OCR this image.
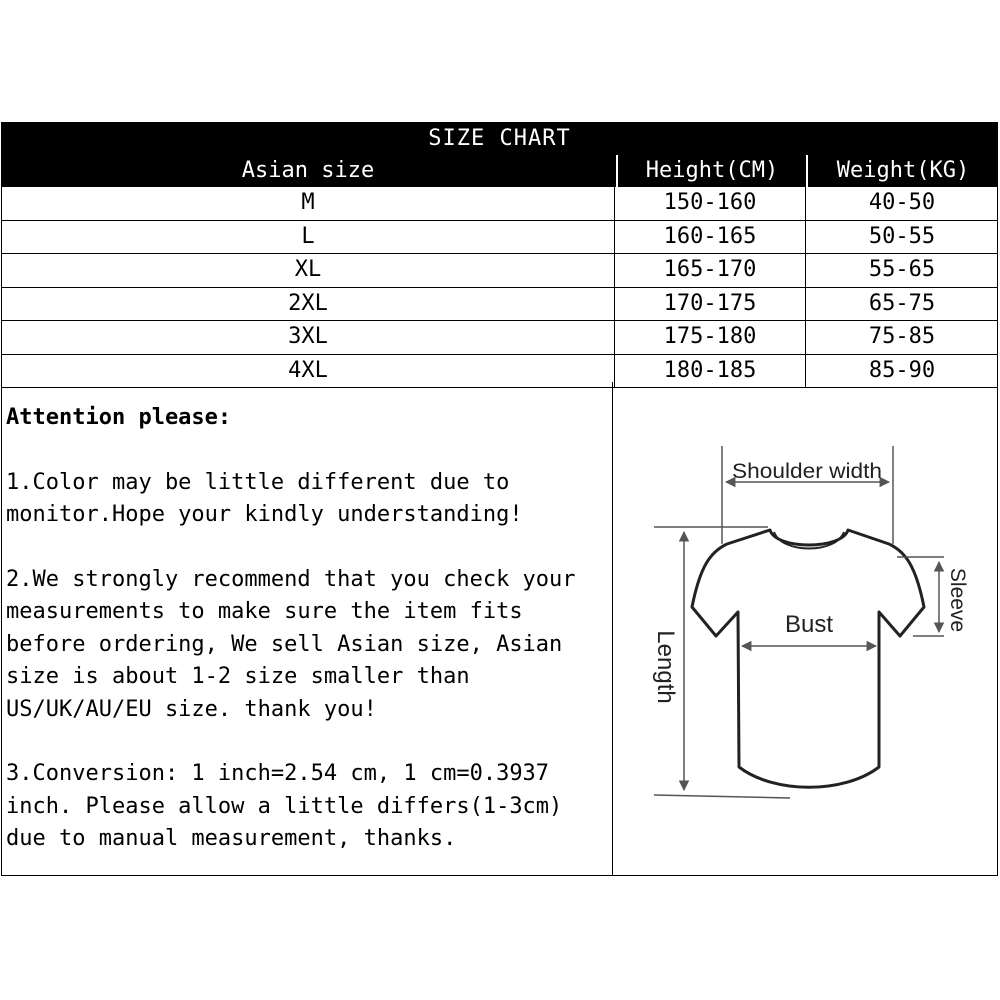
SIZE CHART
Asian size	Height(CM)	Weight(KG)
M	150-160	40-50
L	160-165	50-55
XL	165-170	55-65
2XL	170-175	65-75
3XL	175-180	75-85
4XL	180-185	85-90
Attention please:

1.Color may be little different due to monitor.Hope your kindly understanding!

2.We strongly recommend that you check your measurements to make sure the item fits before ordering, We sell Asian size, Asian size is about 1-2 size smaller than US/UK/AU/EU size. thank you!

3.Conversion: 1 inch=2.54 cm, 1 cm=0.3937 inch. Please allow a little differs(1-3cm) due to manual measurement, thanks.

Shoulder width
Bust	Sleeve
Length
